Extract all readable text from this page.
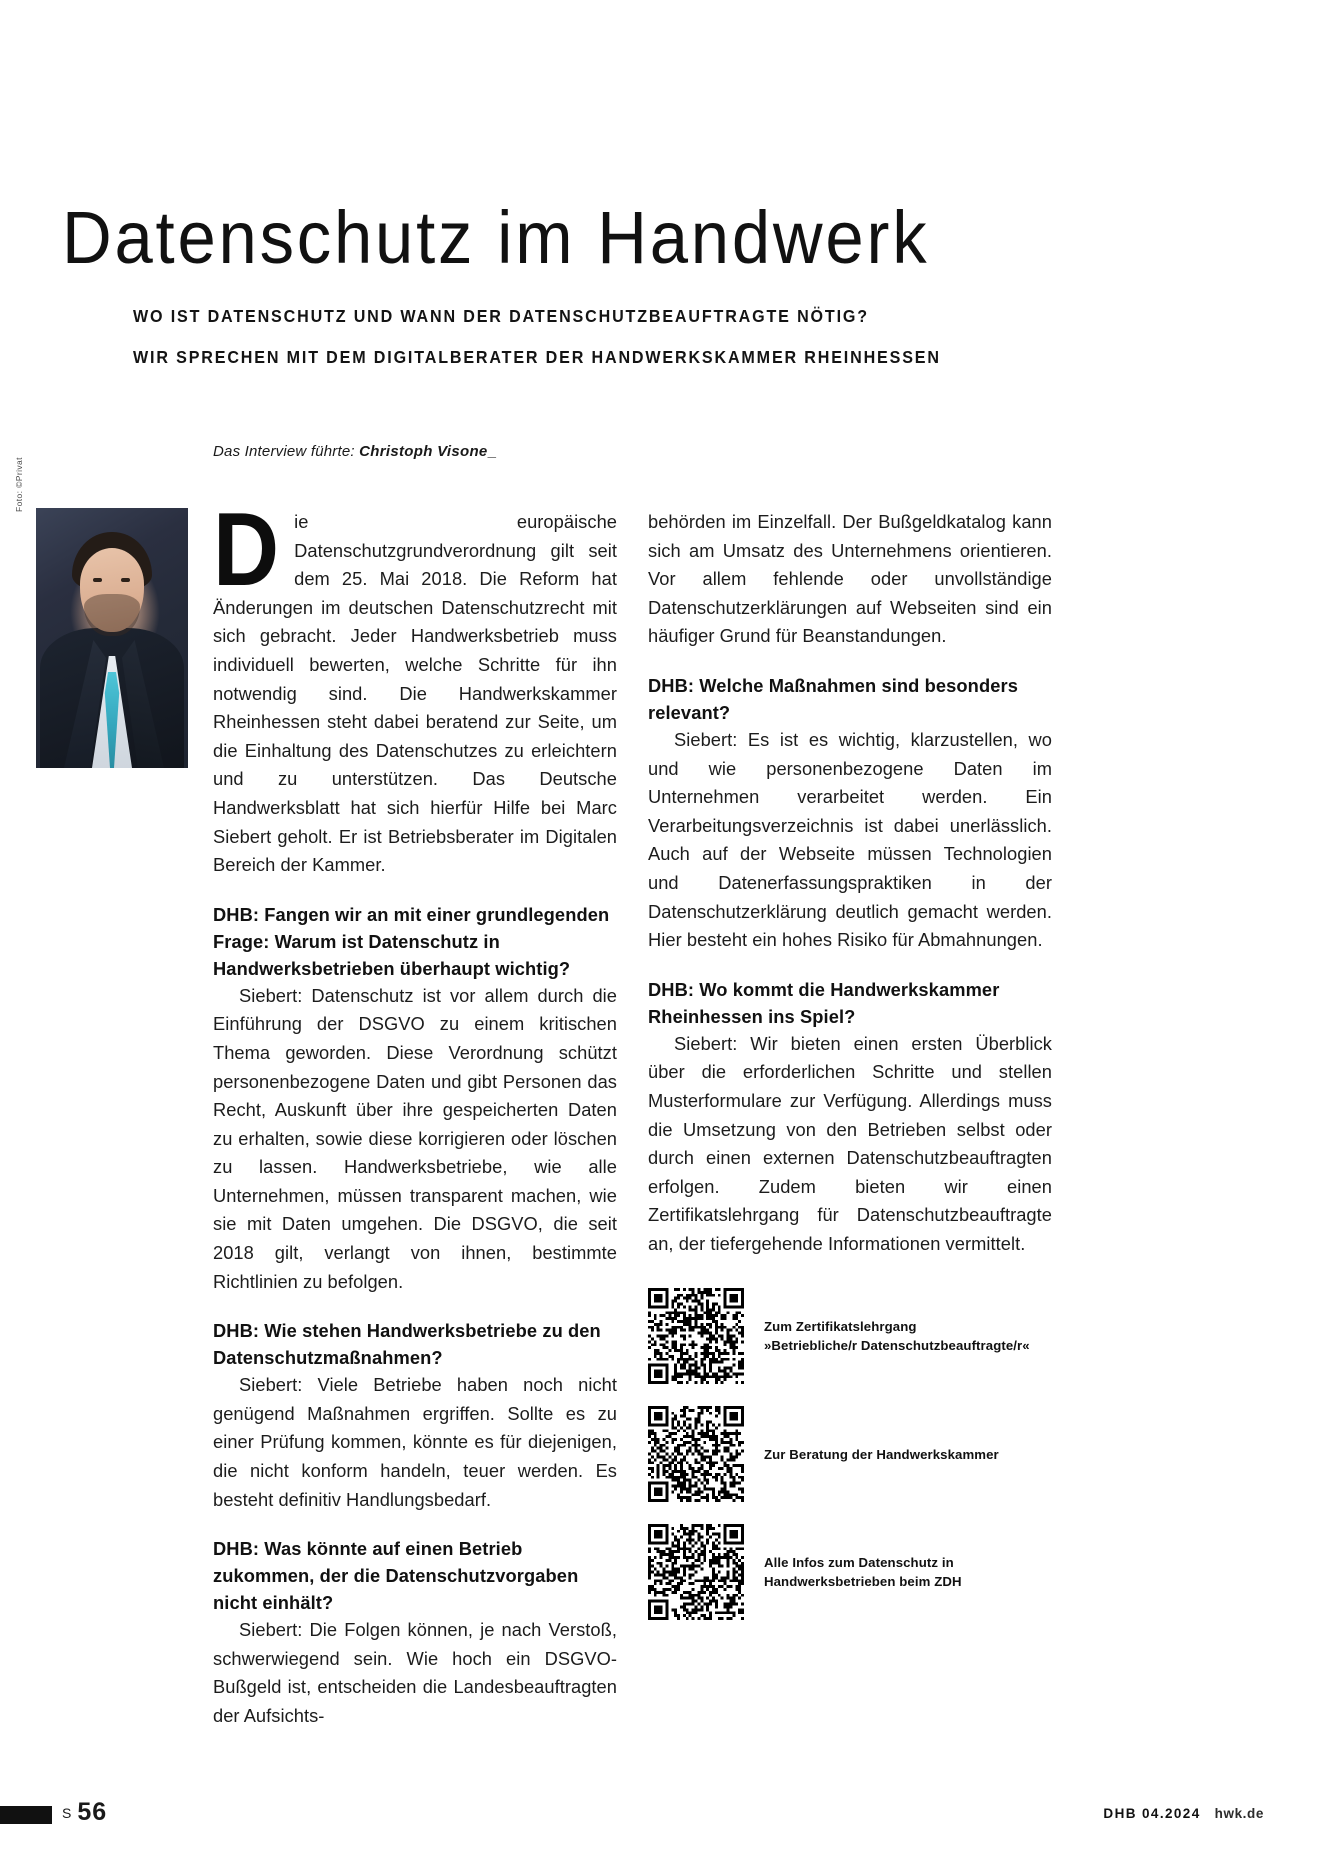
Datenschutz im Handwerk
WO IST DATENSCHUTZ UND WANN DER DATENSCHUTZBEAUFTRAGTE NÖTIG?
WIR SPRECHEN MIT DEM DIGITALBERATER DER HANDWERKSKAMMER RHEINHESSEN
Das Interview führte: Christoph Visone_
Foto: ©Privat

Die europäische Datenschutzgrundverordnung gilt seit dem 25. Mai 2018. Die Reform hat Änderungen im deutschen Datenschutzrecht mit sich gebracht. Jeder Handwerksbetrieb muss individuell bewerten, welche Schritte für ihn notwendig sind. Die Handwerkskammer Rheinhessen steht dabei beratend zur Seite, um die Einhaltung des Datenschutzes zu erleichtern und zu unterstützen. Das Deutsche Handwerksblatt hat sich hierfür Hilfe bei Marc Siebert geholt. Er ist Betriebsberater im Digitalen Bereich der Kammer.

DHB: Fangen wir an mit einer grundlegenden Frage: Warum ist Datenschutz in Handwerksbetrieben überhaupt wichtig?

Siebert: Datenschutz ist vor allem durch die Einführung der DSGVO zu einem kritischen Thema geworden. Diese Verordnung schützt personenbezogene Daten und gibt Personen das Recht, Auskunft über ihre gespeicherten Daten zu erhalten, sowie diese korrigieren oder löschen zu lassen. Handwerksbetriebe, wie alle Unternehmen, müssen transparent machen, wie sie mit Daten umgehen. Die DSGVO, die seit 2018 gilt, verlangt von ihnen, bestimmte Richtlinien zu befolgen.

DHB: Wie stehen Handwerksbetriebe zu den Datenschutzmaßnahmen?

Siebert: Viele Betriebe haben noch nicht genügend Maßnahmen ergriffen. Sollte es zu einer Prüfung kommen, könnte es für diejenigen, die nicht konform handeln, teuer werden. Es besteht definitiv Handlungsbedarf.

DHB: Was könnte auf einen Betrieb zukommen, der die Datenschutzvorgaben nicht einhält?

Siebert: Die Folgen können, je nach Verstoß, schwerwiegend sein. Wie hoch ein DSGVO-Bußgeld ist, entscheiden die Landesbeauftragten der Aufsichts-

behörden im Einzelfall. Der Bußgeldkatalog kann sich am Umsatz des Unternehmens orientieren. Vor allem fehlende oder unvollständige Datenschutzerklärungen auf Webseiten sind ein häufiger Grund für Beanstandungen.

DHB: Welche Maßnahmen sind besonders relevant?

Siebert: Es ist es wichtig, klarzustellen, wo und wie personenbezogene Daten im Unternehmen verarbeitet werden. Ein Verarbeitungsverzeichnis ist dabei unerlässlich. Auch auf der Webseite müssen Technologien und Datenerfassungspraktiken in der Datenschutzerklärung deutlich gemacht werden. Hier besteht ein hohes Risiko für Abmahnungen.

DHB: Wo kommt die Handwerkskammer Rheinhessen ins Spiel?

Siebert: Wir bieten einen ersten Überblick über die erforderlichen Schritte und stellen Musterformulare zur Verfügung. Allerdings muss die Umsetzung von den Betrieben selbst oder durch einen externen Datenschutzbeauftragten erfolgen. Zudem bieten wir einen Zertifikatslehrgang für Datenschutzbeauftragte an, der tiefergehende Informationen vermittelt.

Zum Zertifikatslehrgang
»Betriebliche/r Datenschutzbeauftragte/r«
Zur Beratung der Handwerkskammer
Alle Infos zum Datenschutz in
Handwerksbetrieben beim ZDH
S 56	DHB 04.2024 hwk.de
